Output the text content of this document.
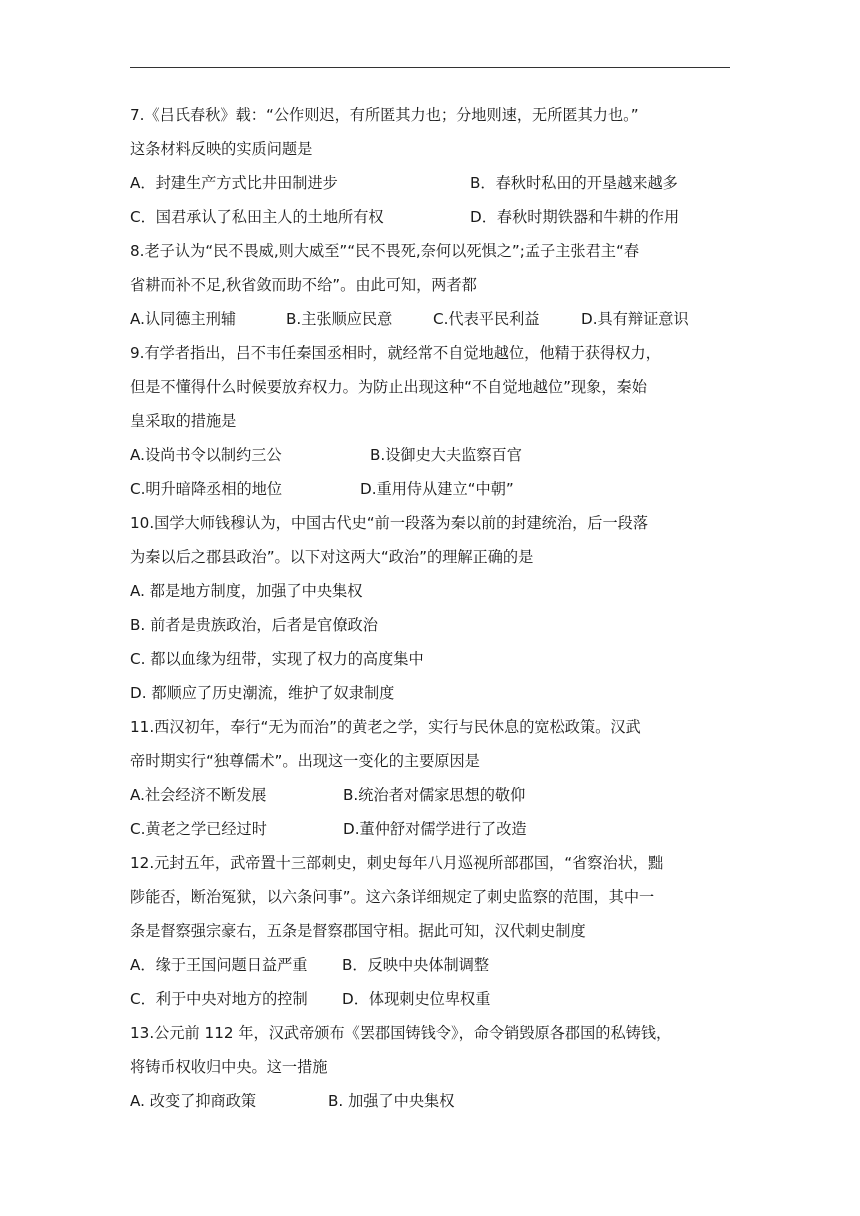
7.《吕氏春秋》载：“公作则迟，有所匿其力也；分地则速，无所匿其力也。”
这条材料反映的实质问题是
A．封建生产方式比井田制进步	B．春秋时私田的开垦越来越多
C．国君承认了私田主人的土地所有权	D．春秋时期铁器和牛耕的作用
8.老子认为“民不畏威,则大威至”“民不畏死,奈何以死惧之”;孟子主张君主“春
省耕而补不足,秋省敛而助不给”。由此可知，两者都
A.认同德主刑辅	B.主张顺应民意	C.代表平民利益	D.具有辩证意识
9.有学者指出，吕不韦任秦国丞相时，就经常不自觉地越位，他精于获得权力，
但是不懂得什么时候要放弃权力。为防止出现这种“不自觉地越位”现象，秦始
皇采取的措施是
A.设尚书令以制约三公	B.设御史大夫监察百官
C.明升暗降丞相的地位	D.重用侍从建立“中朝”
10.国学大师钱穆认为，中国古代史“前一段落为秦以前的封建统治，后一段落
为秦以后之郡县政治”。以下对这两大“政治”的理解正确的是
A. 都是地方制度，加强了中央集权
B. 前者是贵族政治，后者是官僚政治
C. 都以血缘为纽带，实现了权力的高度集中
D. 都顺应了历史潮流，维护了奴隶制度
11.西汉初年，奉行“无为而治”的黄老之学，实行与民休息的宽松政策。汉武
帝时期实行“独尊儒术”。出现这一变化的主要原因是
A.社会经济不断发展	B.统治者对儒家思想的敬仰
C.黄老之学已经过时	D.董仲舒对儒学进行了改造
12.元封五年，武帝置十三部刺史，刺史每年八月巡视所部郡国，“省察治状，黜
陟能否，断治冤狱，以六条问事”。这六条详细规定了刺史监察的范围，其中一
条是督察强宗豪右，五条是督察郡国守相。据此可知，汉代刺史制度
A．缘于王国问题日益严重 B．反映中央体制调整
C．利于中央对地方的控制 D．体现刺史位卑权重
13.公元前 112 年，汉武帝颁布《罢郡国铸钱令》，命令销毁原各郡国的私铸钱，
将铸币权收归中央。这一措施
A. 改变了抑商政策	B. 加强了中央集权
